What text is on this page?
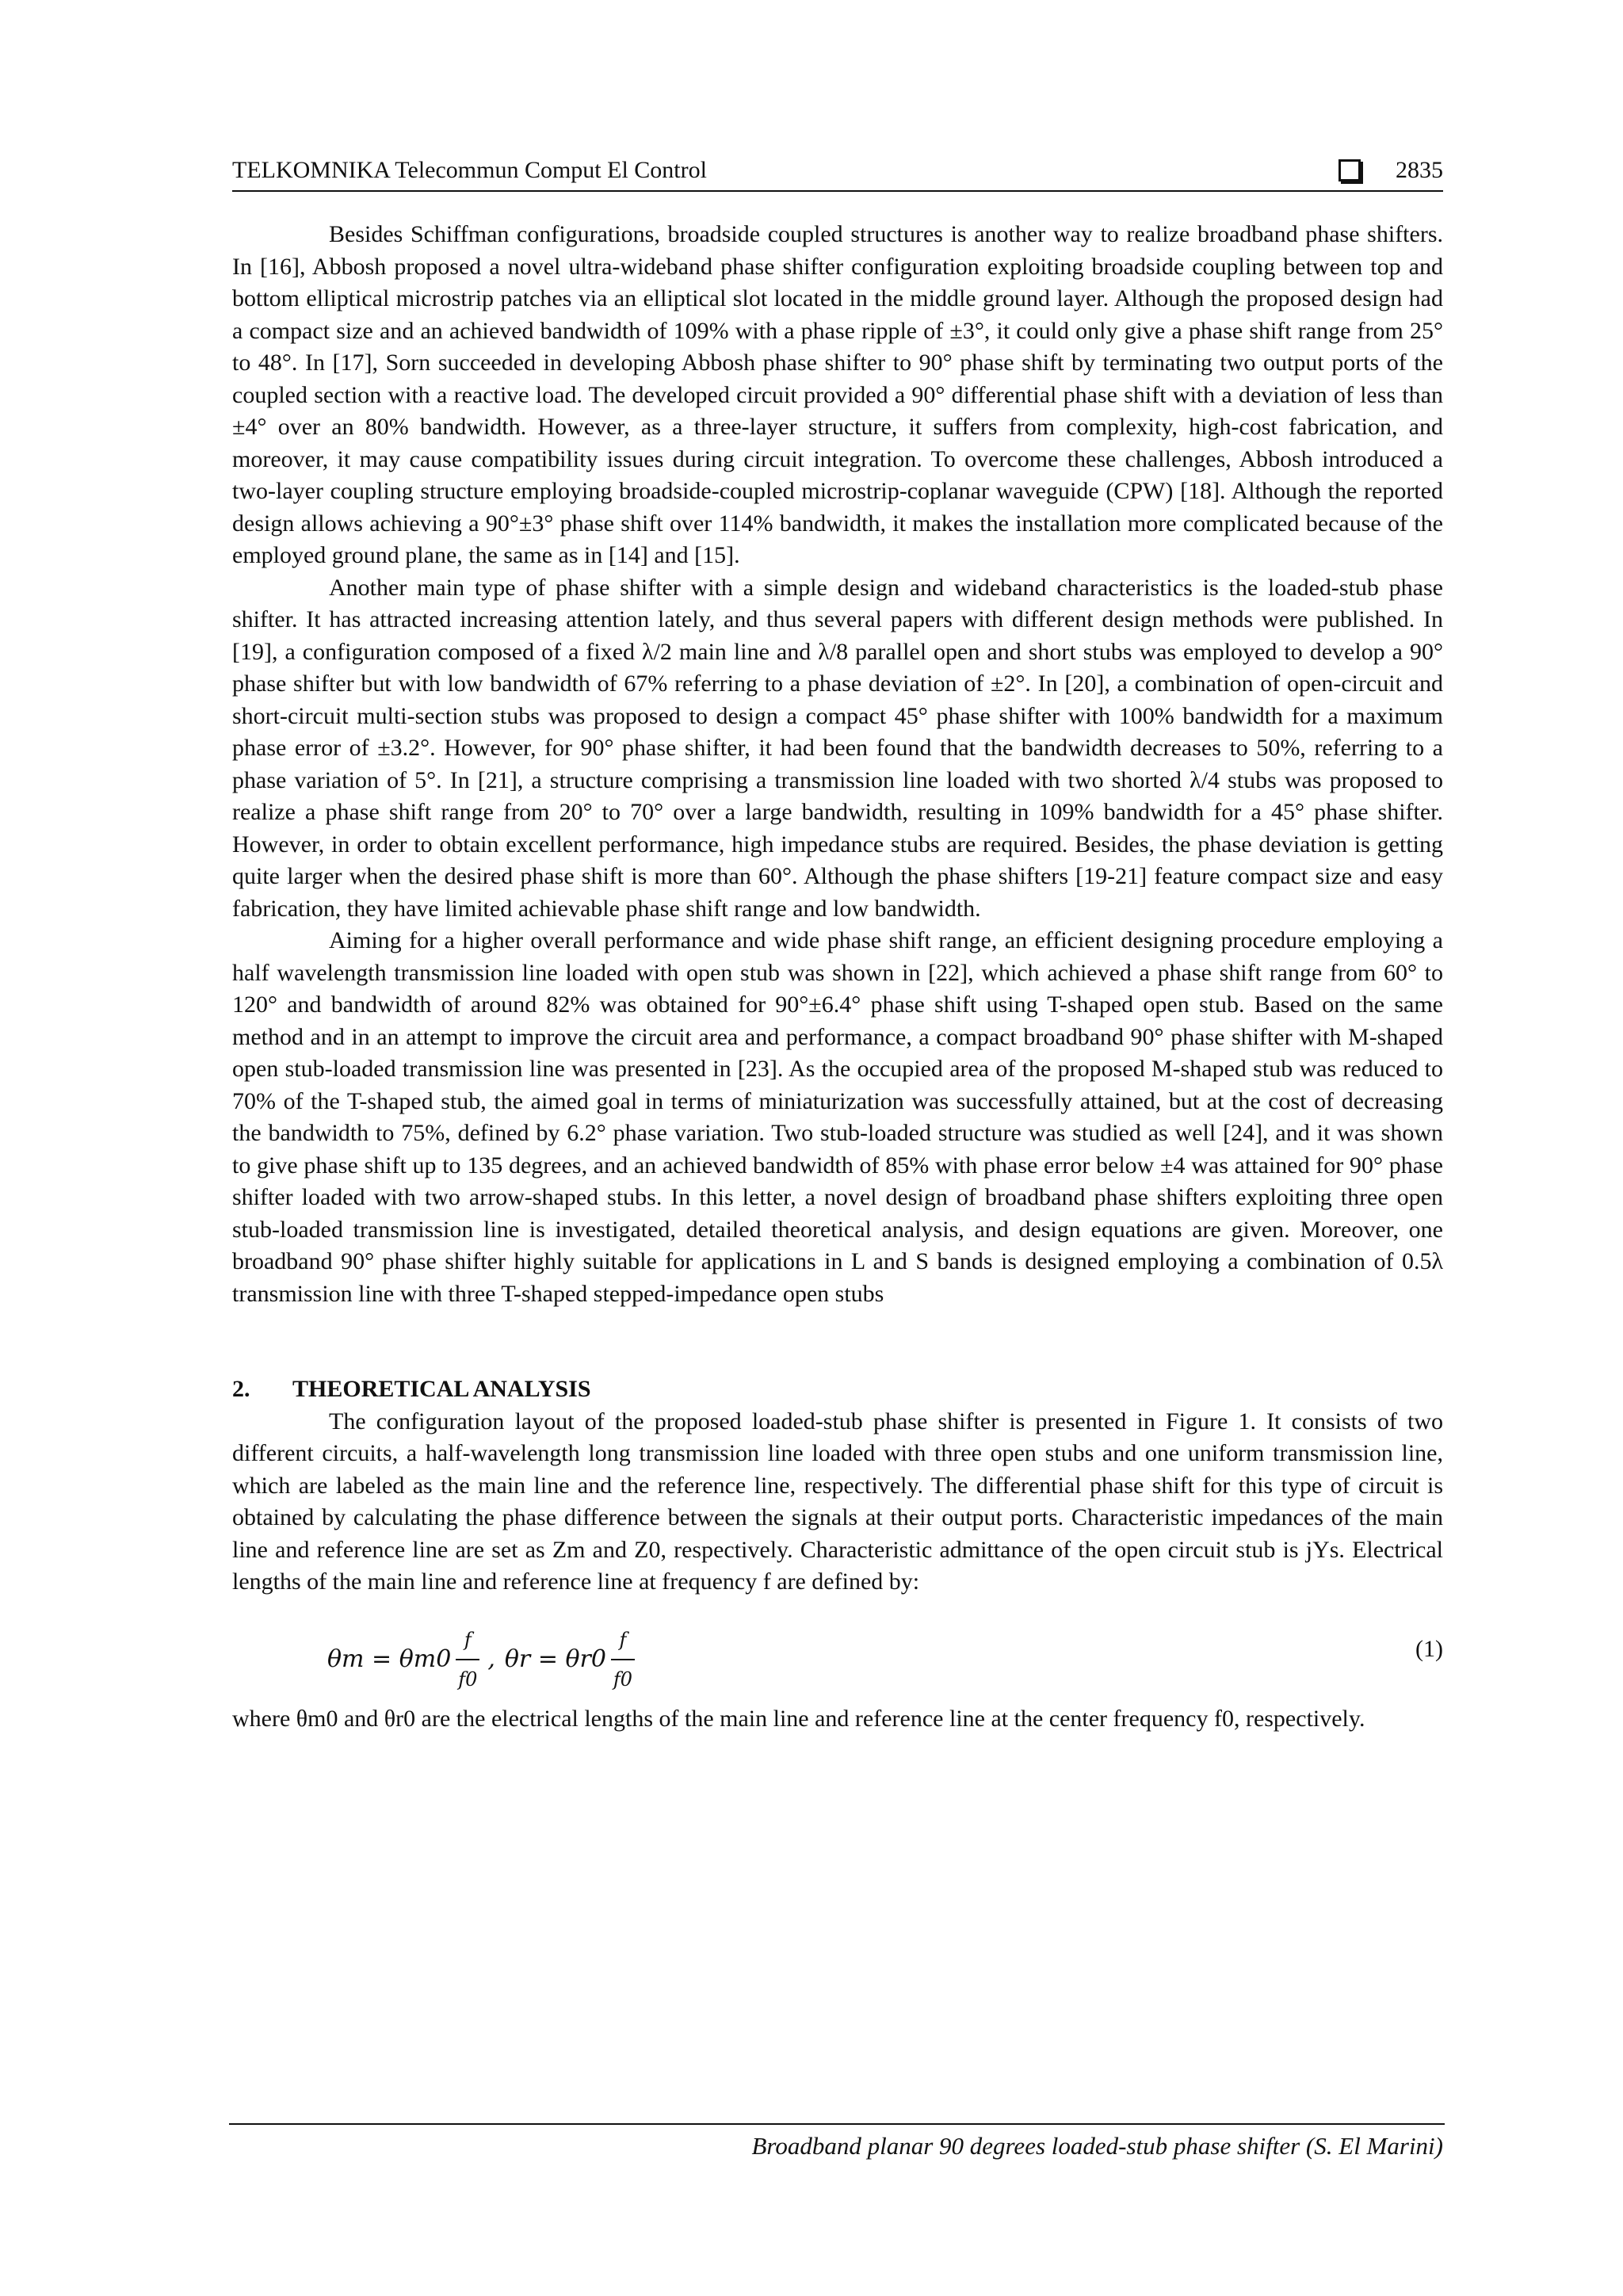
TELKOMNIKA Telecommun Comput El Control	2835

Besides Schiffman configurations, broadside coupled structures is another way to realize broadband phase shifters. In [16], Abbosh proposed a novel ultra-wideband phase shifter configuration exploiting broadside coupling between top and bottom elliptical microstrip patches via an elliptical slot located in the middle ground layer. Although the proposed design had a compact size and an achieved bandwidth of 109% with a phase ripple of ±3°, it could only give a phase shift range from 25° to 48°. In [17], Sorn succeeded in developing Abbosh phase shifter to 90° phase shift by terminating two output ports of the coupled section with a reactive load. The developed circuit provided a 90° differential phase shift with a deviation of less than ±4° over an 80% bandwidth. However, as a three-layer structure, it suffers from complexity, high-cost fabrication, and moreover, it may cause compatibility issues during circuit integration. To overcome these challenges, Abbosh introduced a two-layer coupling structure employing broadside-coupled microstrip-coplanar waveguide (CPW) [18]. Although the reported design allows achieving a 90°±3° phase shift over 114% bandwidth, it makes the installation more complicated because of the employed ground plane, the same as in [14] and [15].

Another main type of phase shifter with a simple design and wideband characteristics is the loaded-stub phase shifter. It has attracted increasing attention lately, and thus several papers with different design methods were published. In [19], a configuration composed of a fixed λ/2 main line and λ/8 parallel open and short stubs was employed to develop a 90° phase shifter but with low bandwidth of 67% referring to a phase deviation of ±2°. In [20], a combination of open-circuit and short-circuit multi-section stubs was proposed to design a compact 45° phase shifter with 100% bandwidth for a maximum phase error of ±3.2°. However, for 90° phase shifter, it had been found that the bandwidth decreases to 50%, referring to a phase variation of 5°. In [21], a structure comprising a transmission line loaded with two shorted λ/4 stubs was proposed to realize a phase shift range from 20° to 70° over a large bandwidth, resulting in 109% bandwidth for a 45° phase shifter. However, in order to obtain excellent performance, high impedance stubs are required. Besides, the phase deviation is getting quite larger when the desired phase shift is more than 60°. Although the phase shifters [19-21] feature compact size and easy fabrication, they have limited achievable phase shift range and low bandwidth.

Aiming for a higher overall performance and wide phase shift range, an efficient designing procedure employing a half wavelength transmission line loaded with open stub was shown in [22], which achieved a phase shift range from 60° to 120° and bandwidth of around 82% was obtained for 90°±6.4° phase shift using T-shaped open stub. Based on the same method and in an attempt to improve the circuit area and performance, a compact broadband 90° phase shifter with M-shaped open stub-loaded transmission line was presented in [23]. As the occupied area of the proposed M-shaped stub was reduced to 70% of the T-shaped stub, the aimed goal in terms of miniaturization was successfully attained, but at the cost of decreasing the bandwidth to 75%, defined by 6.2° phase variation. Two stub-loaded structure was studied as well [24], and it was shown to give phase shift up to 135 degrees, and an achieved bandwidth of 85% with phase error below ±4 was attained for 90° phase shifter loaded with two arrow-shaped stubs. In this letter, a novel design of broadband phase shifters exploiting three open stub-loaded transmission line is investigated, detailed theoretical analysis, and design equations are given. Moreover, one broadband 90° phase shifter highly suitable for applications in L and S bands is designed employing a combination of 0.5λ transmission line with three T-shaped stepped-impedance open stubs

2.	THEORETICAL ANALYSIS

The configuration layout of the proposed loaded-stub phase shifter is presented in Figure 1. It consists of two different circuits, a half-wavelength long transmission line loaded with three open stubs and one uniform transmission line, which are labeled as the main line and the reference line, respectively. The differential phase shift for this type of circuit is obtained by calculating the phase difference between the signals at their output ports. Characteristic impedances of the main line and reference line are set as Zm and Z0, respectively. Characteristic admittance of the open circuit stub is jYs. Electrical lengths of the main line and reference line at frequency f are defined by:

$\theta m = \theta m0 \frac{f}{f0}$ , $\theta r = \theta r0 \frac{f}{f0}$	(1)
where θm0 and θr0 are the electrical lengths of the main line and reference line at the center frequency f0, respectively.
Broadband planar 90 degrees loaded-stub phase shifter (S. El Marini)
